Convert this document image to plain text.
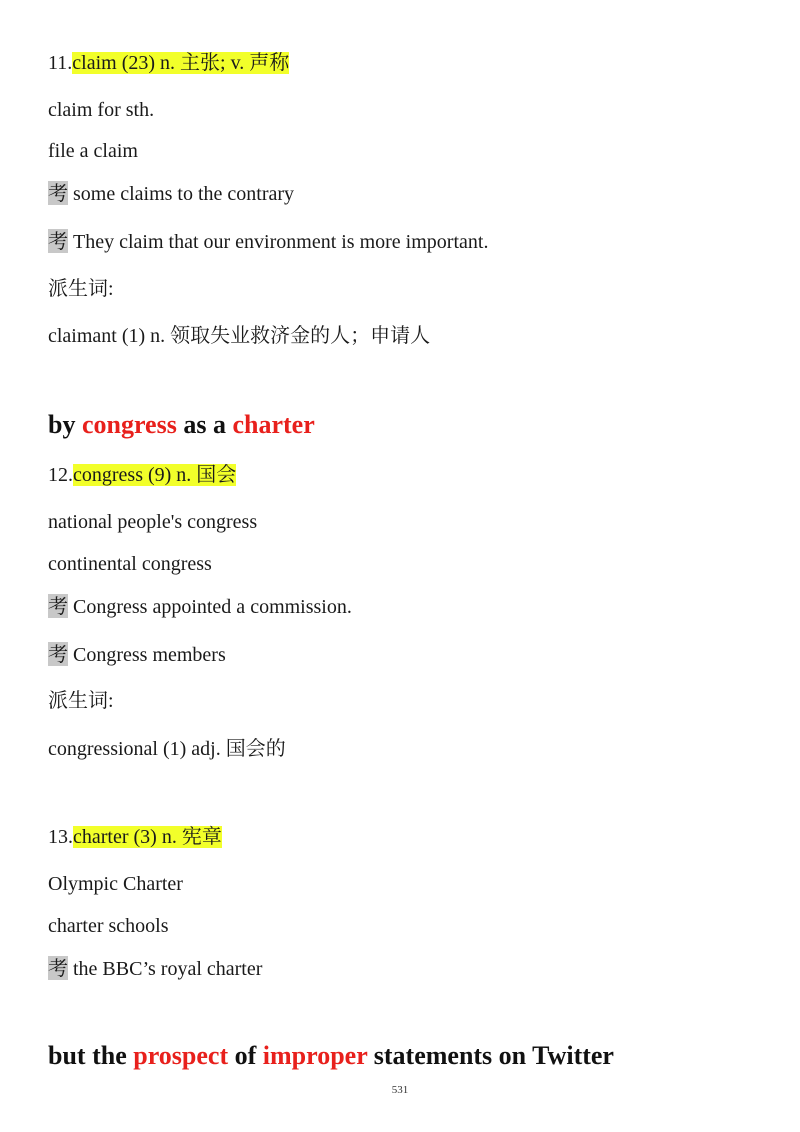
11.claim (23) n. 主张; v. 声称
claim for sth.
file a claim
考 some claims to the contrary
考 They claim that our environment is more important.
派生词:
claimant (1) n. 领取失业救济金的人；申请人
by congress as a charter
12.congress (9) n. 国会
national people's congress
continental congress
考 Congress appointed a commission.
考 Congress members
派生词:
congressional (1) adj. 国会的
13.charter (3) n. 宪章
Olympic Charter
charter schools
考 the BBC’s royal charter
but the prospect of improper statements on Twitter
531
